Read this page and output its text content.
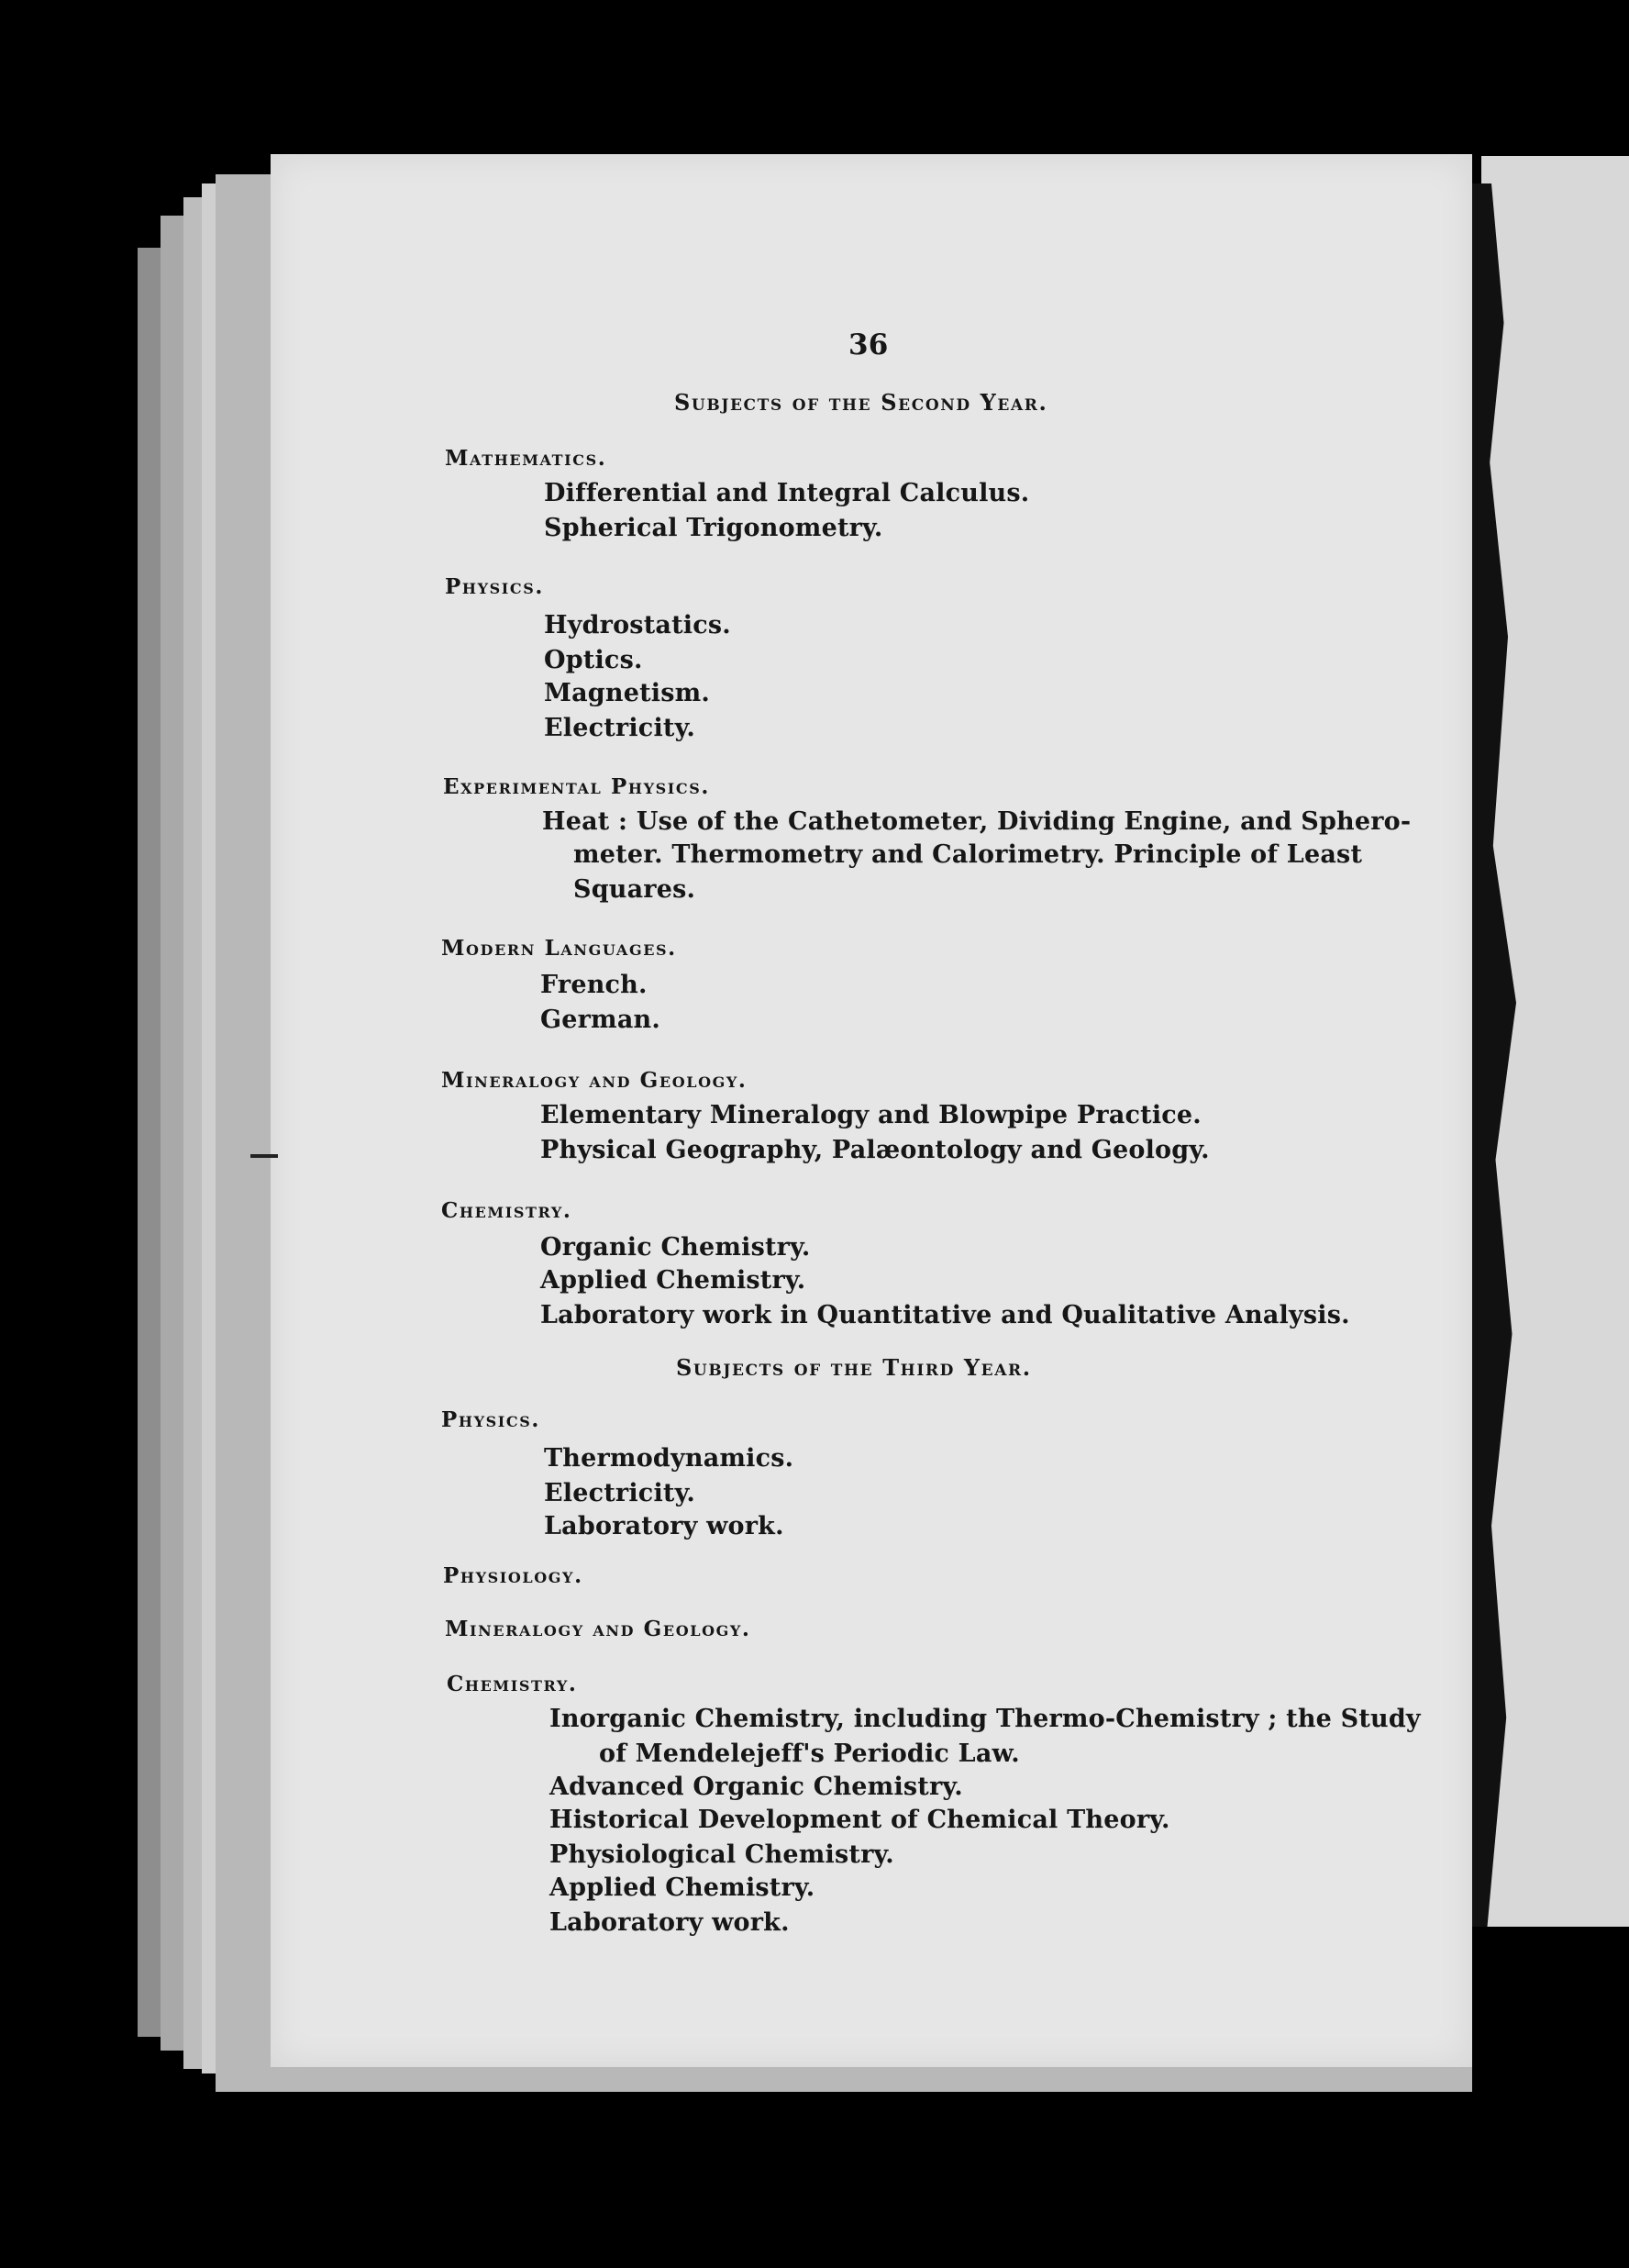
36

Subjects of the Second Year.

Mathematics.

Differential and Integral Calculus.

Spherical Trigonometry.

Physics.

Hydrostatics.

Optics.

Magnetism.

Electricity.

Experimental Physics.

Heat : Use of the Cathetometer, Dividing Engine, and Sphero-

meter. Thermometry and Calorimetry. Principle of Least

Squares.

Modern Languages.

French.

German.

Mineralogy and Geology.

Elementary Mineralogy and Blowpipe Practice.

Physical Geography, Palæontology and Geology.

Chemistry.

Organic Chemistry.

Applied Chemistry.

Laboratory work in Quantitative and Qualitative Analysis.

Subjects of the Third Year.

Physics.

Thermodynamics.

Electricity.

Laboratory work.

Physiology.

Mineralogy and Geology.

Chemistry.

Inorganic Chemistry, including Thermo-Chemistry ; the Study

of Mendelejeff's Periodic Law.

Advanced Organic Chemistry.

Historical Development of Chemical Theory.

Physiological Chemistry.

Applied Chemistry.

Laboratory work.
